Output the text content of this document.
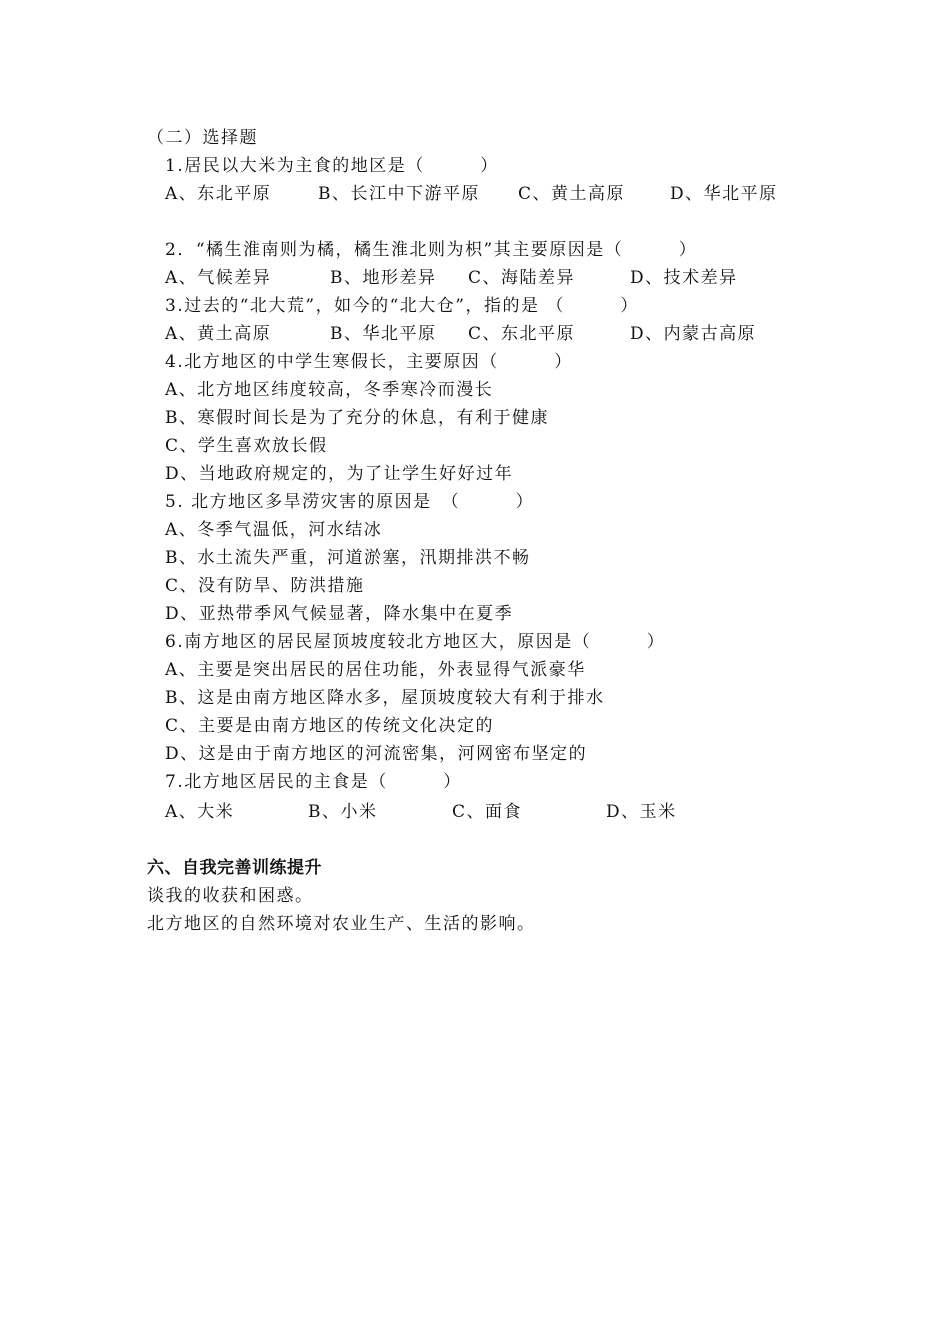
（二）选择题
1.居民以大米为主食的地区是（　　　）
A、东北平原	B、长江中下游平原 C、黄土高原	D、华北平原
2．“橘生淮南则为橘，橘生淮北则为枳”其主要原因是（　　　）
A、气候差异	B、地形差异 C、海陆差异	D、技术差异
3.过去的“北大荒”，如今的“北大仓”，指的是 （　　　）
A、黄土高原	B、华北平原 C、东北平原	D、内蒙古高原
4.北方地区的中学生寒假长，主要原因（　　　）
A、北方地区纬度较高，冬季寒冷而漫长
B、寒假时间长是为了充分的休息，有利于健康
C、学生喜欢放长假
D、当地政府规定的，为了让学生好好过年
5. 北方地区多旱涝灾害的原因是　（　　　）
A、冬季气温低，河水结冰
B、水土流失严重，河道淤塞，汛期排洪不畅
C、没有防旱、防洪措施
D、亚热带季风气候显著，降水集中在夏季
6.南方地区的居民屋顶坡度较北方地区大，原因是（　　　）
A、主要是突出居民的居住功能，外表显得气派豪华
B、这是由南方地区降水多，屋顶坡度较大有利于排水
C、主要是由南方地区的传统文化决定的
D、这是由于南方地区的河流密集，河网密布坚定的
7.北方地区居民的主食是（　　　）
A、大米	B、小米	C、面食	D、玉米
六、自我完善训练提升
谈我的收获和困惑。
北方地区的自然环境对农业生产、生活的影响。
